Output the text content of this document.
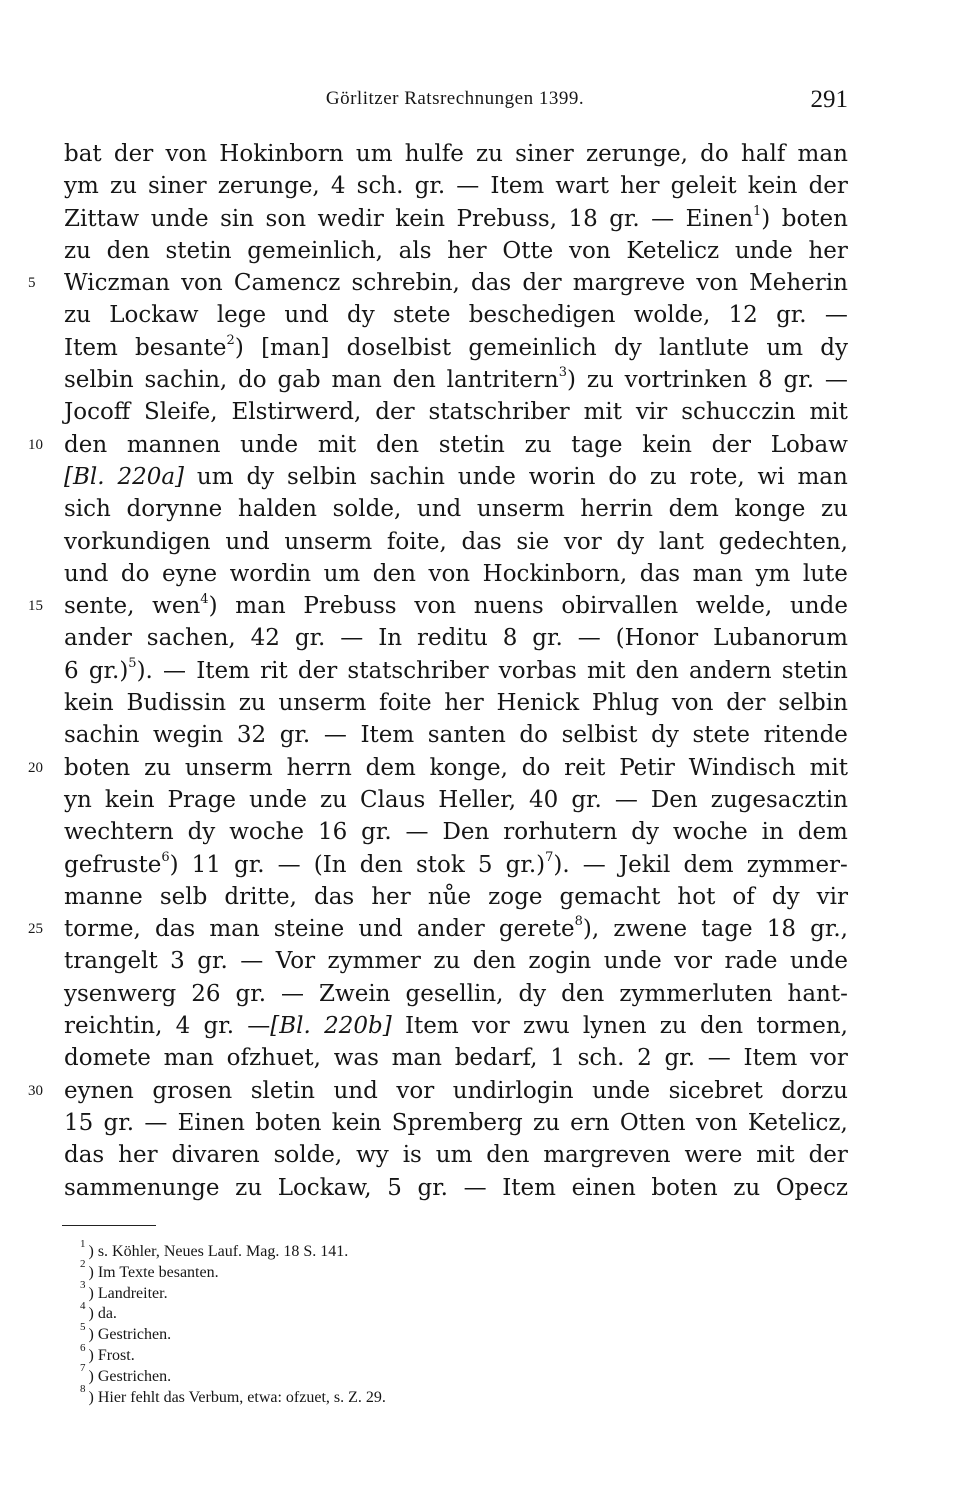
Görlitzer Ratsrechnungen 1399.	291
bat der von Hokinborn um hulfe zu siner zerunge, do half man
ym zu siner zerunge, 4 sch. gr. — Item wart her geleit kein der
Zittaw unde sin son wedir kein Prebuss, 18 gr. — Einen$^1$) boten
zu den stetin gemeinlich, als her Otte von Ketelicz unde her
5	Wiczman von Camencz schrebin, das der margreve von Meherin
zu Lockaw lege und dy stete beschedigen wolde, 12 gr. —
Item besante$^2$) [man] doselbist gemeinlich dy lantlute um dy
selbin sachin, do gab man den lantritern$^3$) zu vortrinken 8 gr. —
Jocoff Sleife, Elstirwerd, der statschriber mit vir schucczin mit
10 den mannen unde mit den stetin zu tage kein der Lobaw
[Bl. 220a] um dy selbin sachin unde worin do zu rote, wi man
sich dorynne halden solde, und unserm herrin dem konge zu
vorkundigen und unserm foite, das sie vor dy lant gedechten,
und do eyne wordin um den von Hockinborn, das man ym lute
15 sente, wen$^4$) man Prebuss von nuens obirvallen welde, unde
ander sachen, 42 gr. — In reditu 8 gr. — (Honor Lubanorum
6 gr.)$^5$). — Item rit der statschriber vorbas mit den andern stetin
kein Budissin zu unserm foite her Henick Phlug von der selbin
sachin wegin 32 gr. — Item santen do selbist dy stete ritende
20 boten zu unserm herrn dem konge, do reit Petir Windisch mit
yn kein Prage unde zu Claus Heller, 40 gr. — Den zugesacztin
wechtern dy woche 16 gr. — Den rorhutern dy woche in dem
gefruste$^6$) 11 gr. — (In den stok 5 gr.)$^7$). — Jekil dem zymmer-
manne selb dritte, das her nůe zoge gemacht hot of dy vir
25 torme, das man steine und ander gerete$^8$), zwene tage 18 gr.,
trangelt 3 gr. — Vor zymmer zu den zogin unde vor rade unde
ysenwerg 26 gr. — Zwein gesellin, dy den zymmerluten hant-
reichtin, 4 gr. —[Bl. 220b] Item vor zwu lynen zu den tormen,
domete man ofzhuet, was man bedarf, 1 sch. 2 gr. — Item vor
30 eynen grosen sletin und vor undirlogin unde sicebret dorzu
15 gr. — Einen boten kein Spremberg zu ern Otten von Ketelicz,
das her divaren solde, wy is um den margreven were mit der
sammenunge zu Lockaw, 5 gr. — Item einen boten zu Opecz
$^1$ ) s. Köhler, Neues Lauf. Mag. 18 S. 141.
$^2$ ) Im Texte besanten.
$^3$ ) Landreiter.
$^4$ ) da.
$^5$ ) Gestrichen.
$^6$ ) Frost.
$^7$ ) Gestrichen.
$^8$ ) Hier fehlt das Verbum, etwa: ofzuet, s. Z. 29.
